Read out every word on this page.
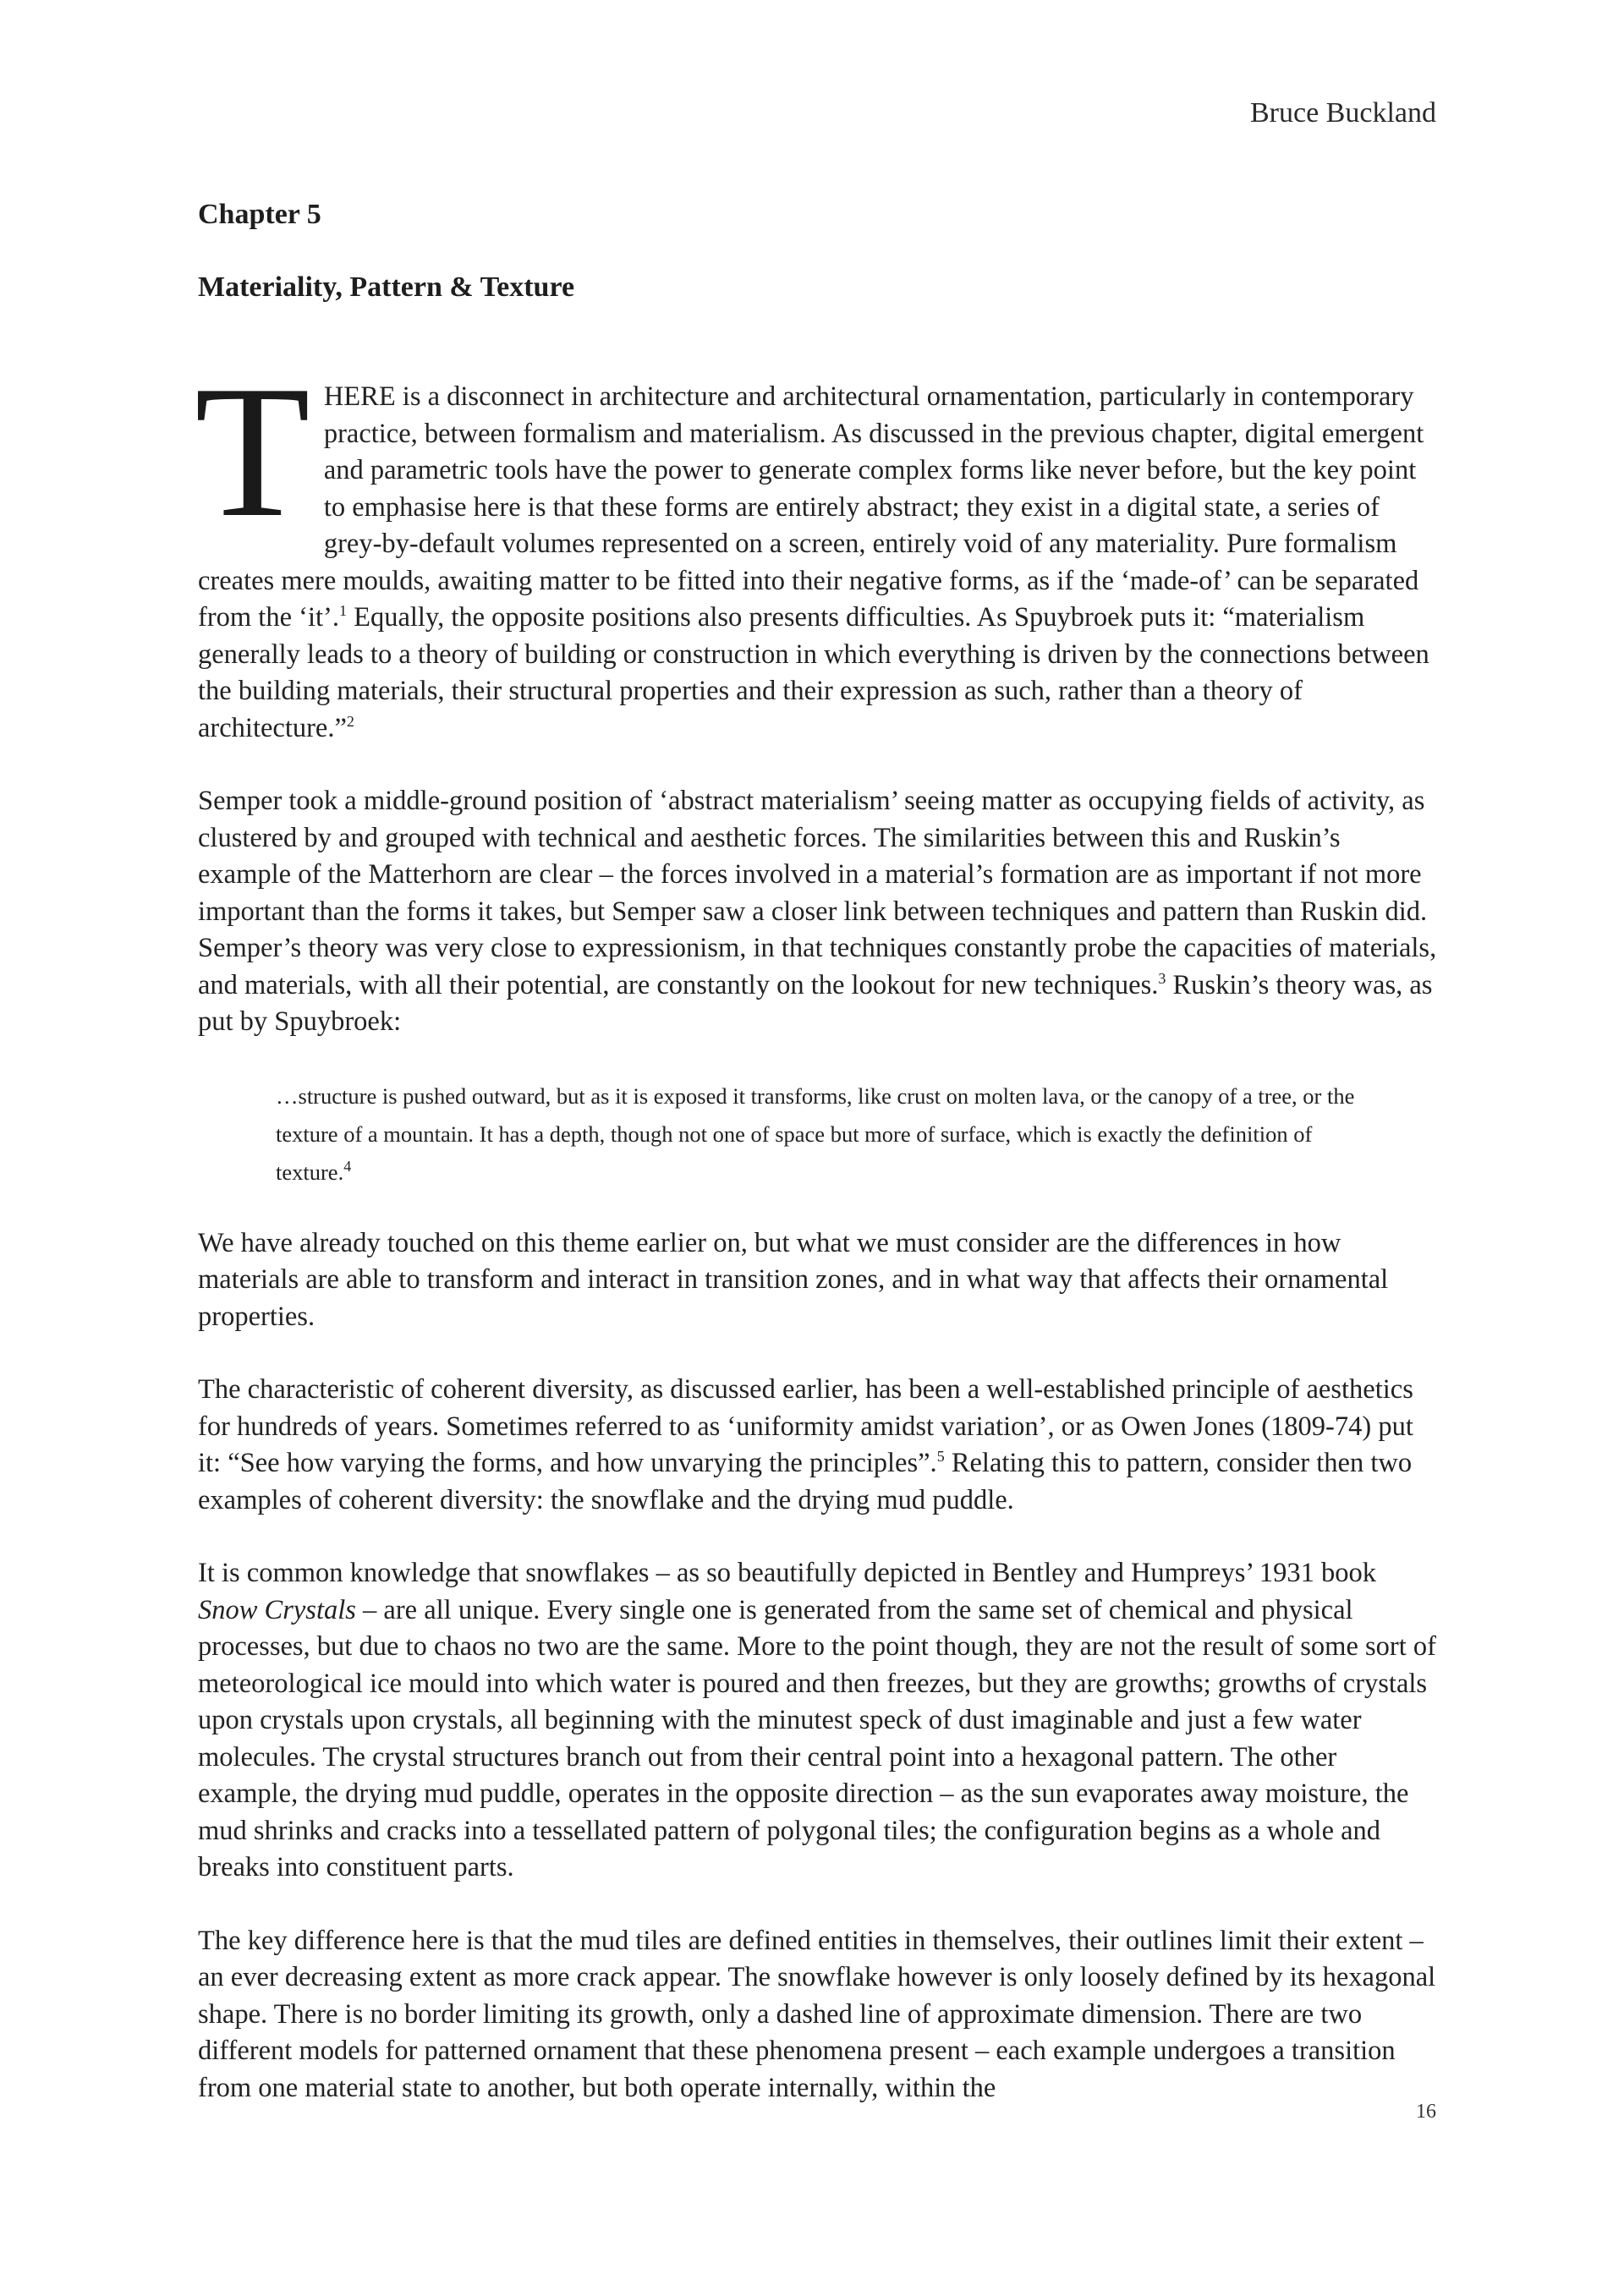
Bruce Buckland
Chapter 5
Materiality, Pattern & Texture

THERE is a disconnect in architecture and architectural ornamentation, particularly in contemporary practice, between formalism and materialism. As discussed in the previous chapter, digital emergent and parametric tools have the power to generate complex forms like never before, but the key point to emphasise here is that these forms are entirely abstract; they exist in a digital state, a series of grey-by-default volumes represented on a screen, entirely void of any materiality. Pure formalism creates mere moulds, awaiting matter to be fitted into their negative forms, as if the ‘made-of’ can be separated from the ‘it’.$^1$ Equally, the opposite positions also presents difficulties. As Spuybroek puts it: “materialism generally leads to a theory of building or construction in which everything is driven by the connections between the building materials, their structural properties and their expression as such, rather than a theory of architecture.”$^2$

Semper took a middle-ground position of ‘abstract materialism’ seeing matter as occupying fields of activity, as clustered by and grouped with technical and aesthetic forces. The similarities between this and Ruskin’s example of the Matterhorn are clear – the forces involved in a material’s formation are as important if not more important than the forms it takes, but Semper saw a closer link between techniques and pattern than Ruskin did. Semper’s theory was very close to expressionism, in that techniques constantly probe the capacities of materials, and materials, with all their potential, are constantly on the lookout for new techniques.$^3$ Ruskin’s theory was, as put by Spuybroek:

…structure is pushed outward, but as it is exposed it transforms, like crust on molten lava, or the canopy of a tree, or the texture of a mountain. It has a depth, though not one of space but more of surface, which is exactly the definition of texture.$^4$

We have already touched on this theme earlier on, but what we must consider are the differences in how materials are able to transform and interact in transition zones, and in what way that affects their ornamental properties.

The characteristic of coherent diversity, as discussed earlier, has been a well-established principle of aesthetics for hundreds of years. Sometimes referred to as ‘uniformity amidst variation’, or as Owen Jones (1809-74) put it: “See how varying the forms, and how unvarying the principles”.$^5$ Relating this to pattern, consider then two examples of coherent diversity: the snowflake and the drying mud puddle.

It is common knowledge that snowflakes – as so beautifully depicted in Bentley and Humpreys’ 1931 book Snow Crystals – are all unique. Every single one is generated from the same set of chemical and physical processes, but due to chaos no two are the same. More to the point though, they are not the result of some sort of meteorological ice mould into which water is poured and then freezes, but they are growths; growths of crystals upon crystals upon crystals, all beginning with the minutest speck of dust imaginable and just a few water molecules. The crystal structures branch out from their central point into a hexagonal pattern. The other example, the drying mud puddle, operates in the opposite direction – as the sun evaporates away moisture, the mud shrinks and cracks into a tessellated pattern of polygonal tiles; the configuration begins as a whole and breaks into constituent parts.

The key difference here is that the mud tiles are defined entities in themselves, their outlines limit their extent – an ever decreasing extent as more crack appear. The snowflake however is only loosely defined by its hexagonal shape. There is no border limiting its growth, only a dashed line of approximate dimension. There are two different models for patterned ornament that these phenomena present – each example undergoes a transition from one material state to another, but both operate internally, within the

16
